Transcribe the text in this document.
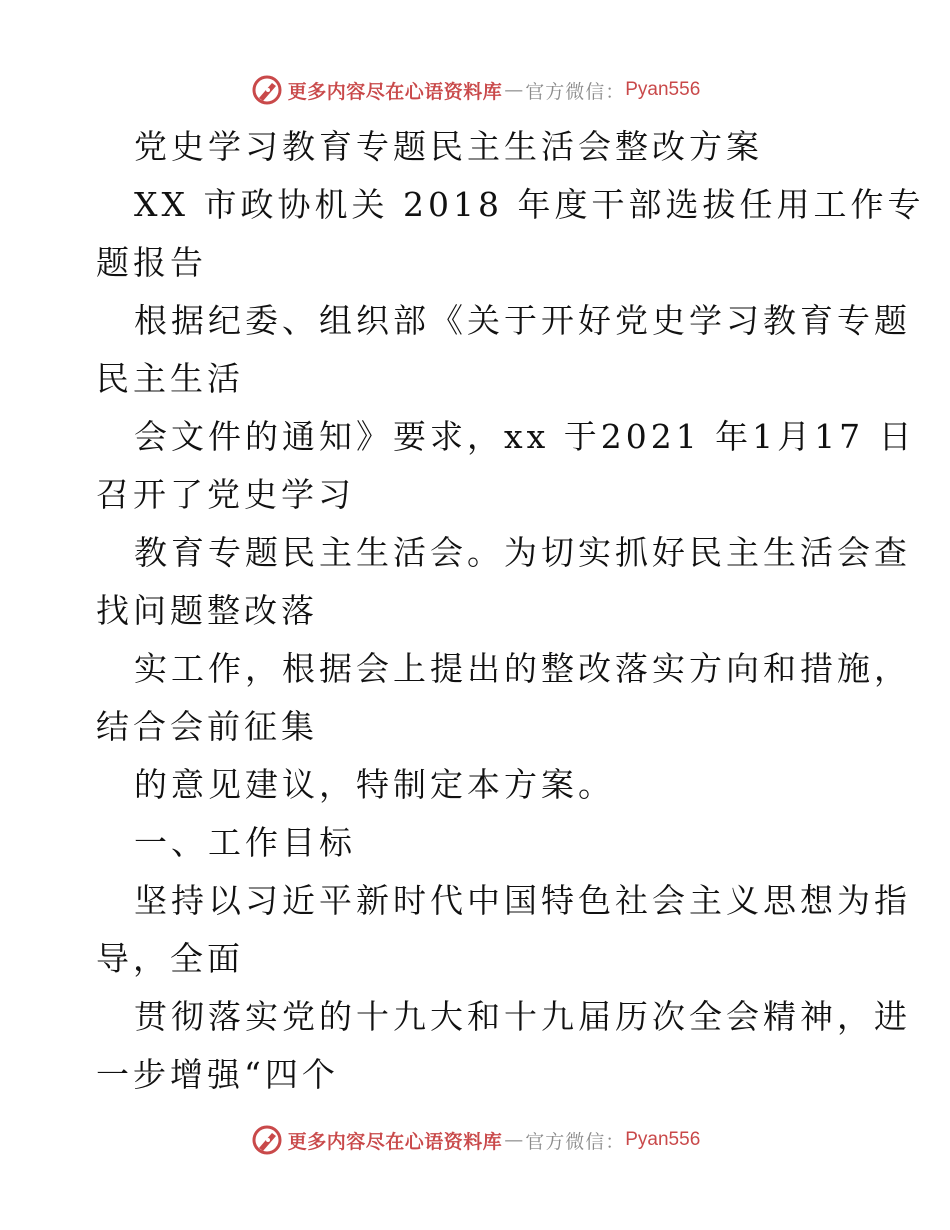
更多内容尽在心语资料库 — 官方微信： Pyan556
党史学习教育专题民主生活会整改方案
XX 市政协机关 2018 年度干部选拔任用工作专
题报告
根据纪委、组织部《关于开好党史学习教育专题
民主生活
会文件的通知》要求，xx 于2021 年1月17 日
召开了党史学习
教育专题民主生活会。为切实抓好民主生活会查
找问题整改落
实工作，根据会上提出的整改落实方向和措施，
结合会前征集
的意见建议，特制定本方案。
一、工作目标
坚持以习近平新时代中国特色社会主义思想为指
导，全面
贯彻落实党的十九大和十九届历次全会精神，进
一步增强“四个
更多内容尽在心语资料库 — 官方微信： Pyan556
